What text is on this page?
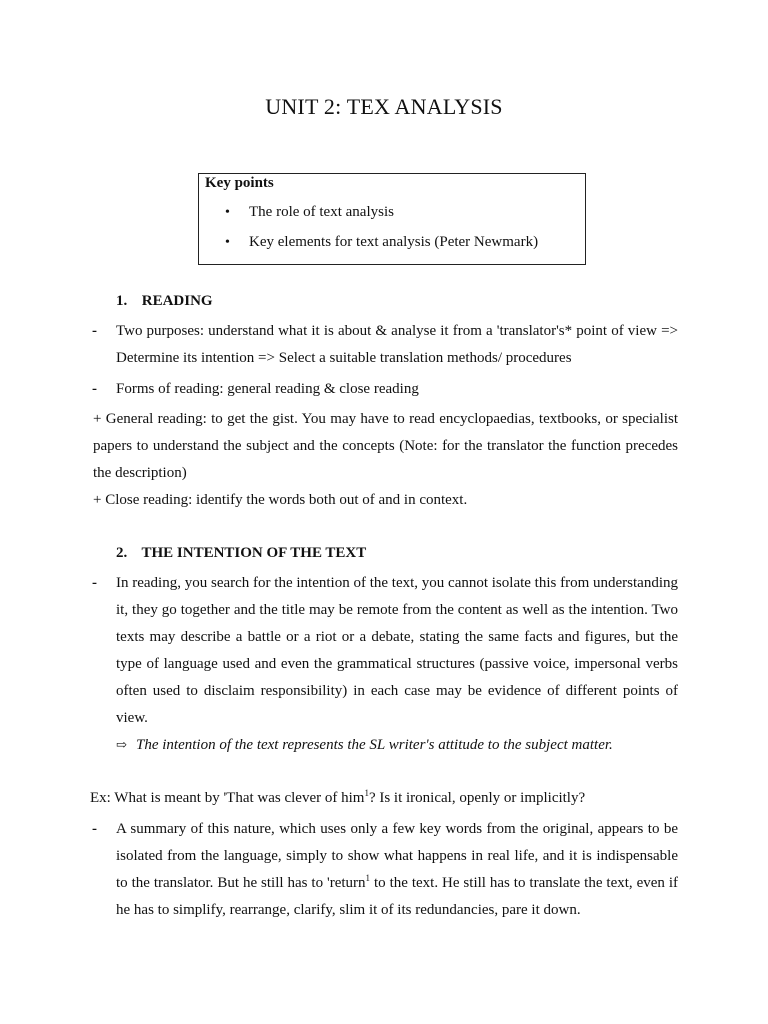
UNIT 2: TEX ANALYSIS
Key points
• The role of text analysis
• Key elements for text analysis (Peter Newmark)
1. READING
- Two purposes: understand what it is about & analyse it from a 'translator's* point of view => Determine its intention => Select a suitable translation methods/ procedures
- Forms of reading: general reading & close reading
+ General reading: to get the gist. You may have to read encyclopaedias, textbooks, or specialist papers to understand the subject and the concepts (Note: for the translator the function precedes the description)
+ Close reading: identify the words both out of and in context.
2. THE INTENTION OF THE TEXT
- In reading, you search for the intention of the text, you cannot isolate this from understanding it, they go together and the title may be remote from the content as well as the intention. Two texts may describe a battle or a riot or a debate, stating the same facts and figures, but the type of language used and even the grammatical structures (passive voice, impersonal verbs often used to disclaim responsibility) in each case may be evidence of different points of view.
⇨ The intention of the text represents the SL writer's attitude to the subject matter.
Ex: What is meant by 'That was clever of him$^1$? Is it ironical, openly or implicitly?
- A summary of this nature, which uses only a few key words from the original, appears to be isolated from the language, simply to show what happens in real life, and it is indispensable to the translator. But he still has to 'return$^1$ to the text. He still has to translate the text, even if he has to simplify, rearrange, clarify, slim it of its redundancies, pare it down.
